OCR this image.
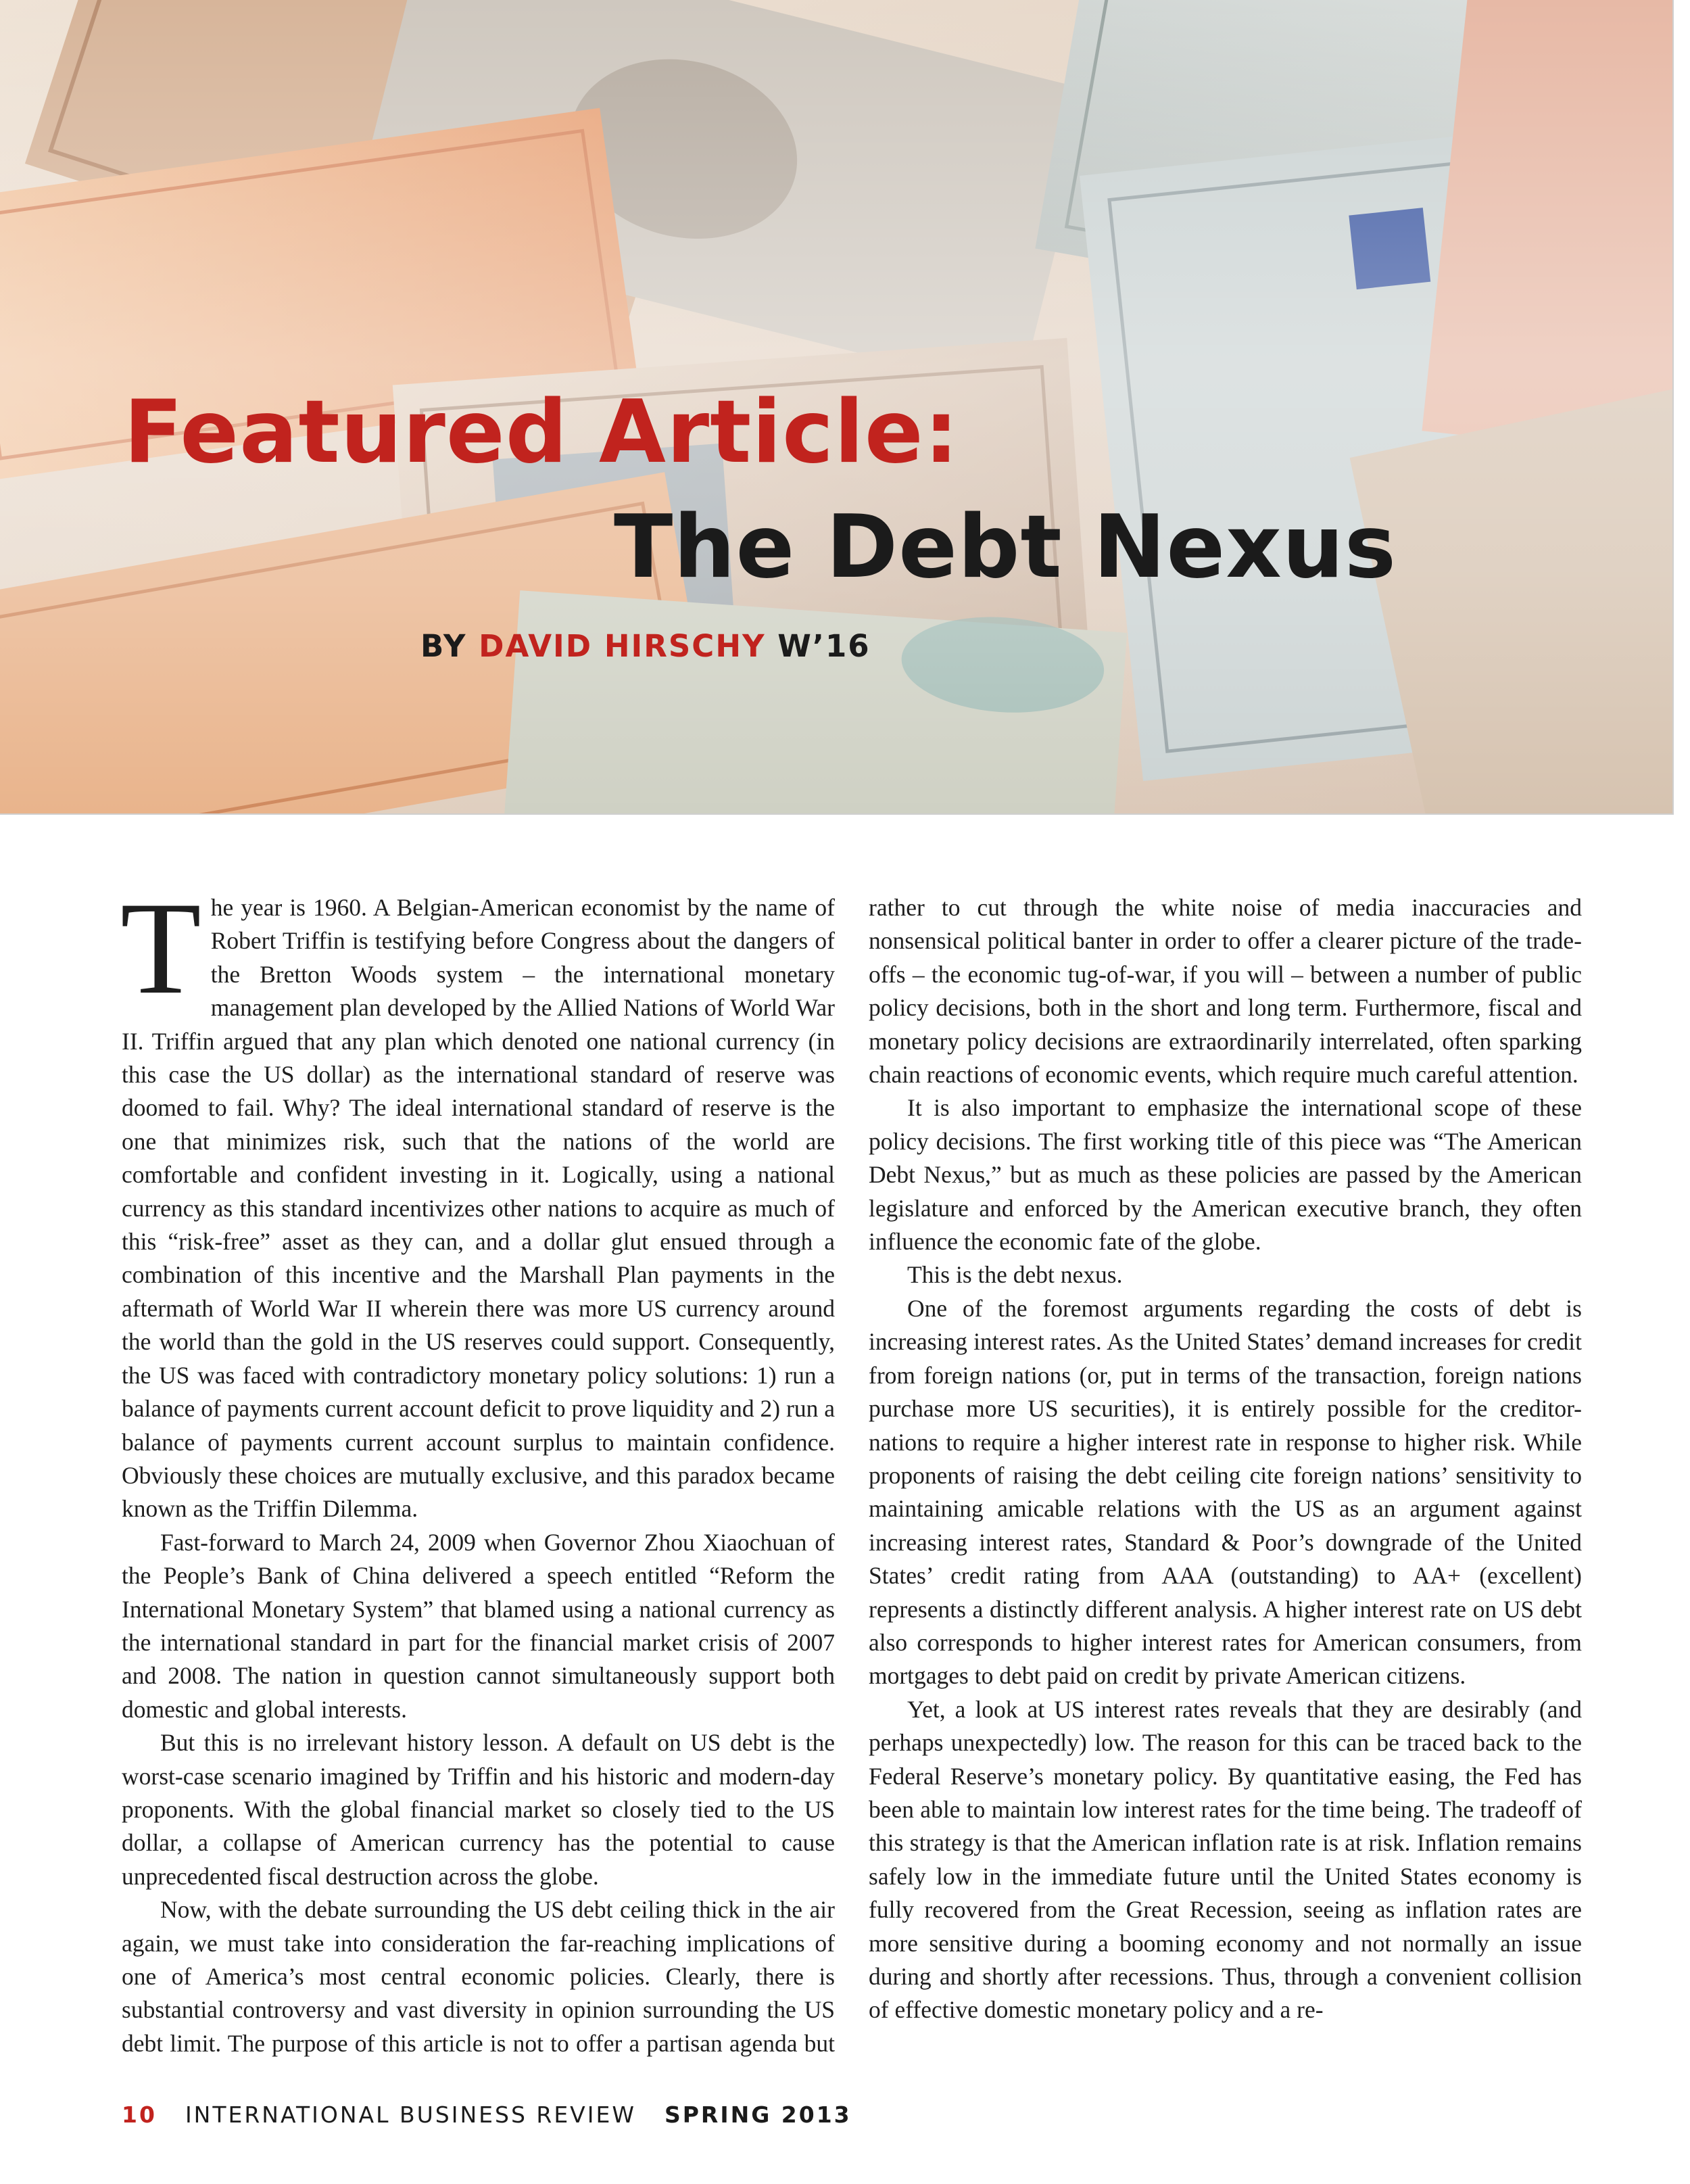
Featured Article:
The Debt Nexus
BY DAVID HIRSCHY W’16

The year is 1960. A Belgian-American economist by the name of Robert Triffin is testifying before Congress about the dangers of the Bretton Woods system – the international monetary management plan developed by the Allied Nations of World War II. Triffin argued that any plan which denoted one national currency (in this case the US dollar) as the international standard of reserve was doomed to fail. Why? The ideal international standard of reserve is the one that minimizes risk, such that the nations of the world are comfortable and confident investing in it. Logically, using a national currency as this standard incentivizes other nations to acquire as much of this “risk-free” asset as they can, and a dollar glut ensued through a combination of this incentive and the Marshall Plan payments in the aftermath of World War II wherein there was more US currency around the world than the gold in the US reserves could support. Consequently, the US was faced with contradictory monetary policy solutions: 1) run a balance of payments current account deficit to prove liquidity and 2) run a balance of payments current account surplus to maintain confidence. Obviously these choices are mutually exclusive, and this paradox became known as the Triffin Dilemma.

Fast-forward to March 24, 2009 when Governor Zhou Xiaochuan of the People’s Bank of China delivered a speech entitled “Reform the International Monetary System” that blamed using a national currency as the international standard in part for the financial market crisis of 2007 and 2008. The nation in question cannot simultaneously support both domestic and global interests.

But this is no irrelevant history lesson. A default on US debt is the worst-case scenario imagined by Triffin and his historic and modern-day proponents. With the global financial market so closely tied to the US dollar, a collapse of American currency has the potential to cause unprecedented fiscal destruction across the globe.

Now, with the debate surrounding the US debt ceiling thick in the air again, we must take into consideration the far-reaching implications of one of America’s most central economic policies. Clearly, there is substantial controversy and vast diversity in opinion surrounding the US debt limit. The purpose of this article is not to offer a partisan agenda but rather to cut through the white noise of media inaccuracies and nonsensical political banter in order to offer a clearer picture of the trade-offs – the economic tug-of-war, if you will – between a number of public policy decisions, both in the short and long term. Furthermore, fiscal and monetary policy decisions are extraordinarily interrelated, often sparking chain reactions of economic events, which require much careful attention.

It is also important to emphasize the international scope of these policy decisions. The first working title of this piece was “The American Debt Nexus,” but as much as these policies are passed by the American legislature and enforced by the American executive branch, they often influence the economic fate of the globe.

This is the debt nexus.

One of the foremost arguments regarding the costs of debt is increasing interest rates. As the United States’ demand increases for credit from foreign nations (or, put in terms of the transaction, foreign nations purchase more US securities), it is entirely possible for the creditor-nations to require a higher interest rate in response to higher risk. While proponents of raising the debt ceiling cite foreign nations’ sensitivity to maintaining amicable relations with the US as an argument against increasing interest rates, Standard & Poor’s downgrade of the United States’ credit rating from AAA (outstanding) to AA+ (excellent) represents a distinctly different analysis. A higher interest rate on US debt also corresponds to higher interest rates for American consumers, from mortgages to debt paid on credit by private American citizens.

Yet, a look at US interest rates reveals that they are desirably (and perhaps unexpectedly) low. The reason for this can be traced back to the Federal Reserve’s monetary policy. By quantitative easing, the Fed has been able to maintain low interest rates for the time being. The tradeoff of this strategy is that the American inflation rate is at risk. Inflation remains safely low in the immediate future until the United States economy is fully recovered from the Great Recession, seeing as inflation rates are more sensitive during a booming economy and not normally an issue during and shortly after recessions. Thus, through a convenient collision of effective domestic monetary policy and a re-

10 INTERNATIONAL BUSINESS REVIEW SPRING 2013
